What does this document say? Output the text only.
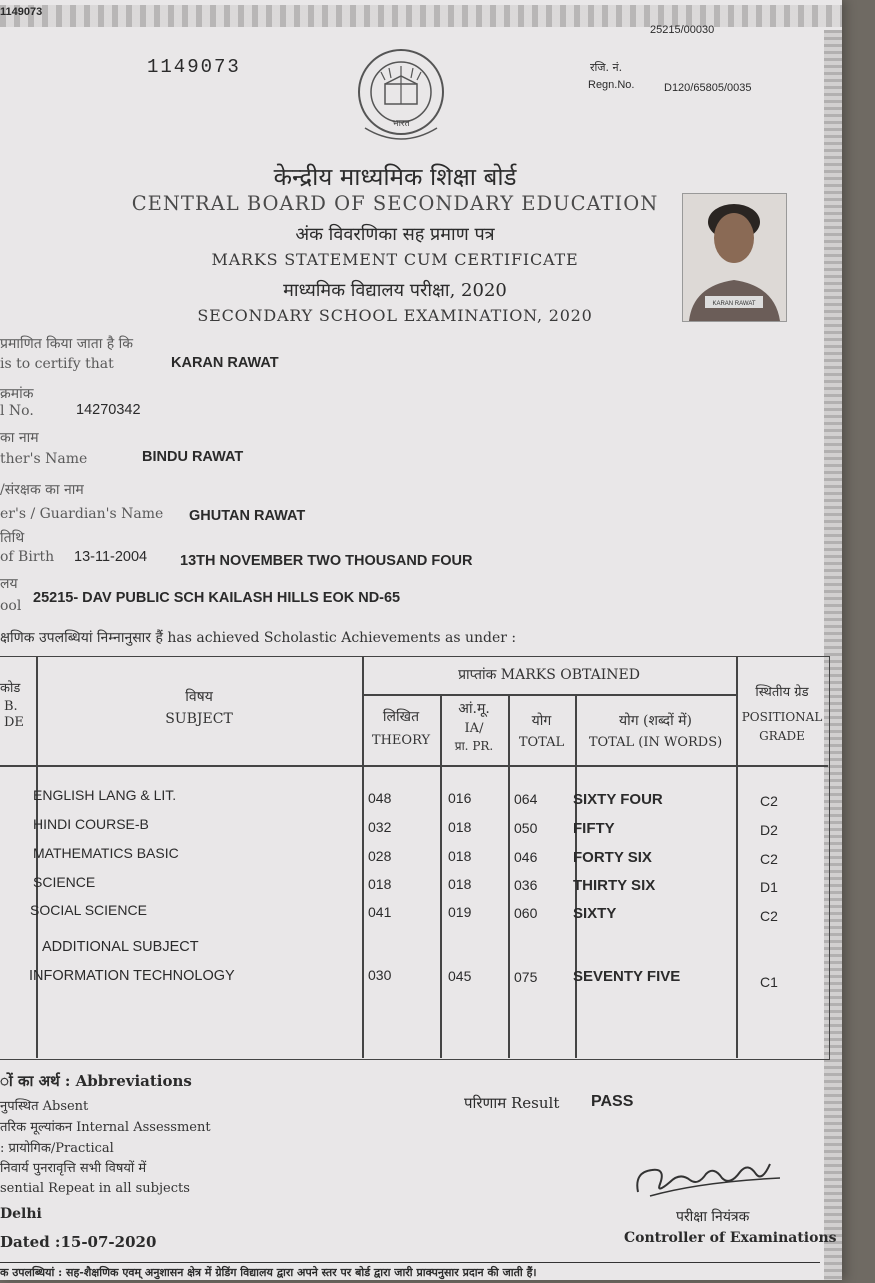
1149073
25215/00030
1149073	रजि. नं.
Regn.No.	D120/65805/0035
भारत
केन्द्रीय माध्यमिक शिक्षा बोर्ड
CENTRAL BOARD OF SECONDARY EDUCATION
अंक विवरणिका सह प्रमाण पत्र
MARKS STATEMENT CUM CERTIFICATE
माध्यमिक विद्यालय परीक्षा, 2020
SECONDARY SCHOOL EXAMINATION, 2020
KARAN RAWAT
प्रमाणित किया जाता है कि
is to certify that	KARAN RAWAT
क्रमांक
l No.	14270342
का नाम
ther's Name	BINDU RAWAT
/संरक्षक का नाम
er's / Guardian's Name GHUTAN RAWAT
तिथि
of Birth 13-11-2004 13TH NOVEMBER TWO THOUSAND FOUR
लय
ool 25215- DAV PUBLIC SCH KAILASH HILLS EOK ND-65
क्षणिक उपलब्धियां निम्नानुसार हैं has achieved Scholastic Achievements as under :
कोड
B.
DE
विषय
SUBJECT
प्राप्तांक MARKS OBTAINED
लिखित
THEORY
आं.मू.
IA/
प्रा. PR.
योग
TOTAL
योग (शब्दों में)
TOTAL (IN WORDS)
स्थितीय ग्रेड
POSITIONAL
GRADE
ENGLISH LANG & LIT.	048	016	064 SIXTY FOUR	C2
HINDI COURSE-B	032	018	050 FIFTY	D2
MATHEMATICS BASIC	028	018	046 FORTY SIX	C2
SCIENCE	018	018	036 THIRTY SIX	D1
SOCIAL SCIENCE	041	019	060 SIXTY	C2
ADDITIONAL SUBJECT
INFORMATION TECHNOLOGY	030	045	075 SEVENTY FIVE	C1
ों का अर्थ : Abbreviations
नुपस्थित Absent
तरिक मूल्यांकन Internal Assessment
: प्रायोगिक/Practical
निवार्य पुनरावृत्ति सभी विषयों में
sential Repeat in all subjects
Delhi
Dated :15-07-2020
परिणाम Result PASS
परीक्षा नियंत्रक
Controller of Examinations
क उपलब्धियां : सह-शैक्षणिक एवम् अनुशासन क्षेत्र में ग्रेडिंग विद्यालय द्वारा अपने स्तर पर बोर्ड द्वारा जारी प्राक्पनुसार प्रदान की जाती हैं।
